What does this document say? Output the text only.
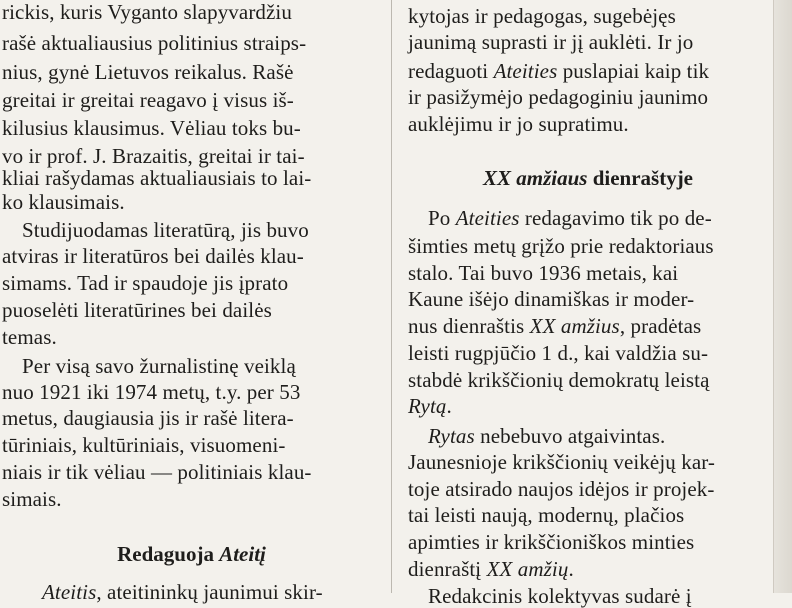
rickis, kuris Vyganto slapyvardžiu
rašė aktualiausius politinius straips-
nius, gynė Lietuvos reikalus. Rašė
greitai ir greitai reagavo į visus iš-
kilusius klausimus. Vėliau toks bu-
vo ir prof. J. Brazaitis, greitai ir tai-
kliai rašydamas aktualiausiais to lai-
ko klausimais.
Studijuodamas literatūrą, jis buvo
atviras ir literatūros bei dailės klau-
simams. Tad ir spaudoje jis įprato
puoselėti literatūrines bei dailės
temas.
Per visą savo žurnalistinę veiklą
nuo 1921 iki 1974 metų, t.y. per 53
metus, daugiausia jis ir rašė litera-
tūriniais, kultūriniais, visuomeni-
niais ir tik vėliau — politiniais klau-
simais.
Redaguoja Ateitį
Ateitis, ateitininkų jaunimui skir-
kytojas ir pedagogas, sugebėjęs
jaunimą suprasti ir jį auklėti. Ir jo
redaguoti Ateities puslapiai kaip tik
ir pasižymėjo pedagoginiu jaunimo
auklėjimu ir jo supratimu.
XX amžiaus dienraštyje
Po Ateities redagavimo tik po de-
šimties metų grįžo prie redaktoriaus
stalo. Tai buvo 1936 metais, kai
Kaune išėjo dinamiškas ir moder-
nus dienraštis XX amžius, pradėtas
leisti rugpjūčio 1 d., kai valdžia su-
stabdė krikščionių demokratų leistą
Rytą.
Rytas nebebuvo atgaivintas.
Jaunesnioje krikščionių veikėjų kar-
toje atsirado naujos idėjos ir projek-
tai leisti naują, modernų, plačios
apimties ir krikščioniškos minties
dienraštį XX amžių.
Redakcinis kolektyvas sudarė į
